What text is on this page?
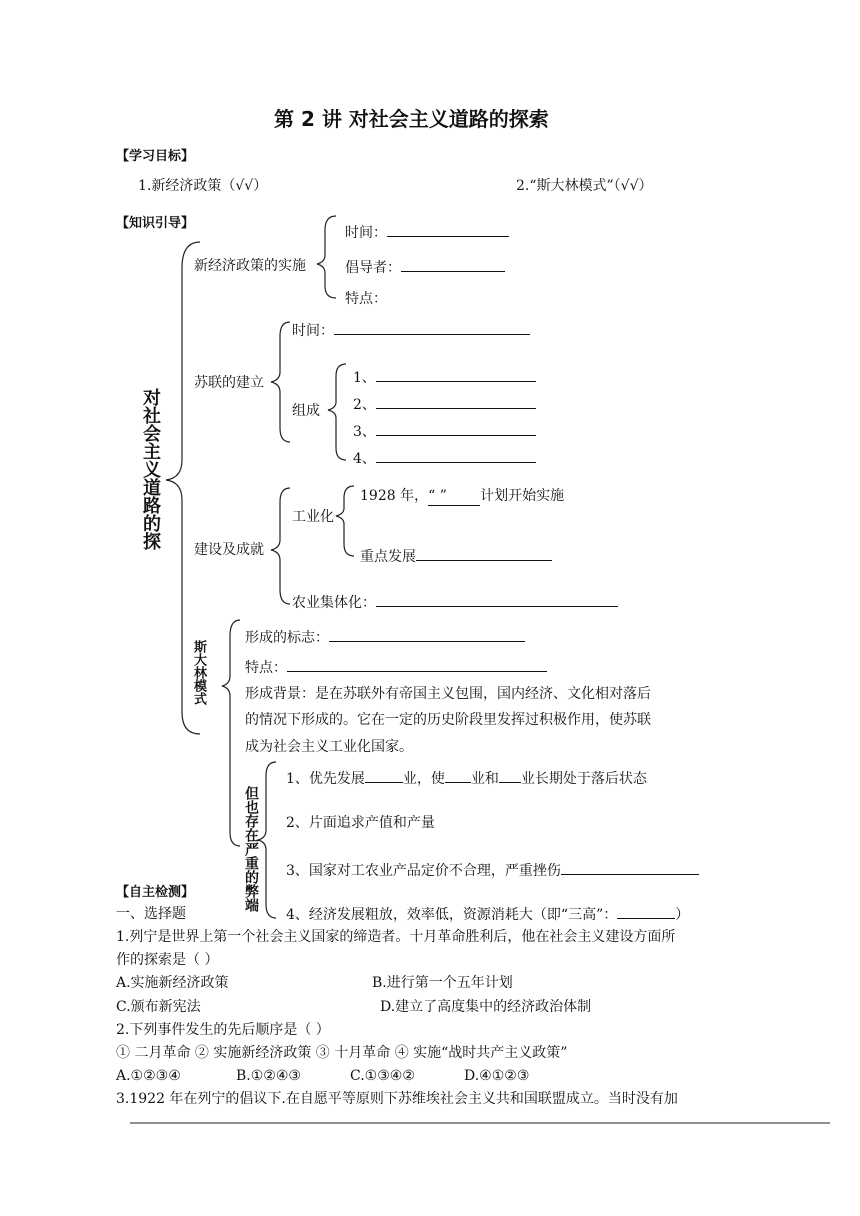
第 2 讲 对社会主义道路的探索
【学习目标】
1.新经济政策（√√）	2.“斯大林模式”（√√）
【知识引导】
对社会主义道路的探
新经济政策的实施
时间：
倡导者：
特点：
苏联的建立
时间：
组成
1、
2、
3、
4、
建设及成就
工业化
1928 年，“ ” 计划开始实施
重点发展
农业集体化：
斯大林模式
形成的标志：
特点：
形成背景：是在苏联外有帝国主义包围，国内经济、文化相对落后
的情况下形成的。它在一定的历史阶段里发挥过积极作用，使苏联
成为社会主义工业化国家。
但也存在严重的弊端
1、优先发展	业，使 业和 业长期处于落后状态
2、片面追求产值和产量
3、国家对工农业产品定价不合理，严重挫伤
4、经济发展粗放，效率低，资源消耗大（即“三高”：	）
【自主检测】
一、选择题
1.列宁是世界上第一个社会主义国家的缔造者。十月革命胜利后，他在社会主义建设方面所
作的探索是（ ）
A.实施新经济政策	B.进行第一个五年计划
C.颁布新宪法	D.建立了高度集中的经济政治体制
2.下列事件发生的先后顺序是（ ）
① 二月革命 ② 实施新经济政策 ③ 十月革命 ④ 实施“战时共产主义政策”
A.①②③④	B.①②④③	C.①③④②	D.④①②③
3.1922 年在列宁的倡议下.在自愿平等原则下苏维埃社会主义共和国联盟成立。当时没有加
